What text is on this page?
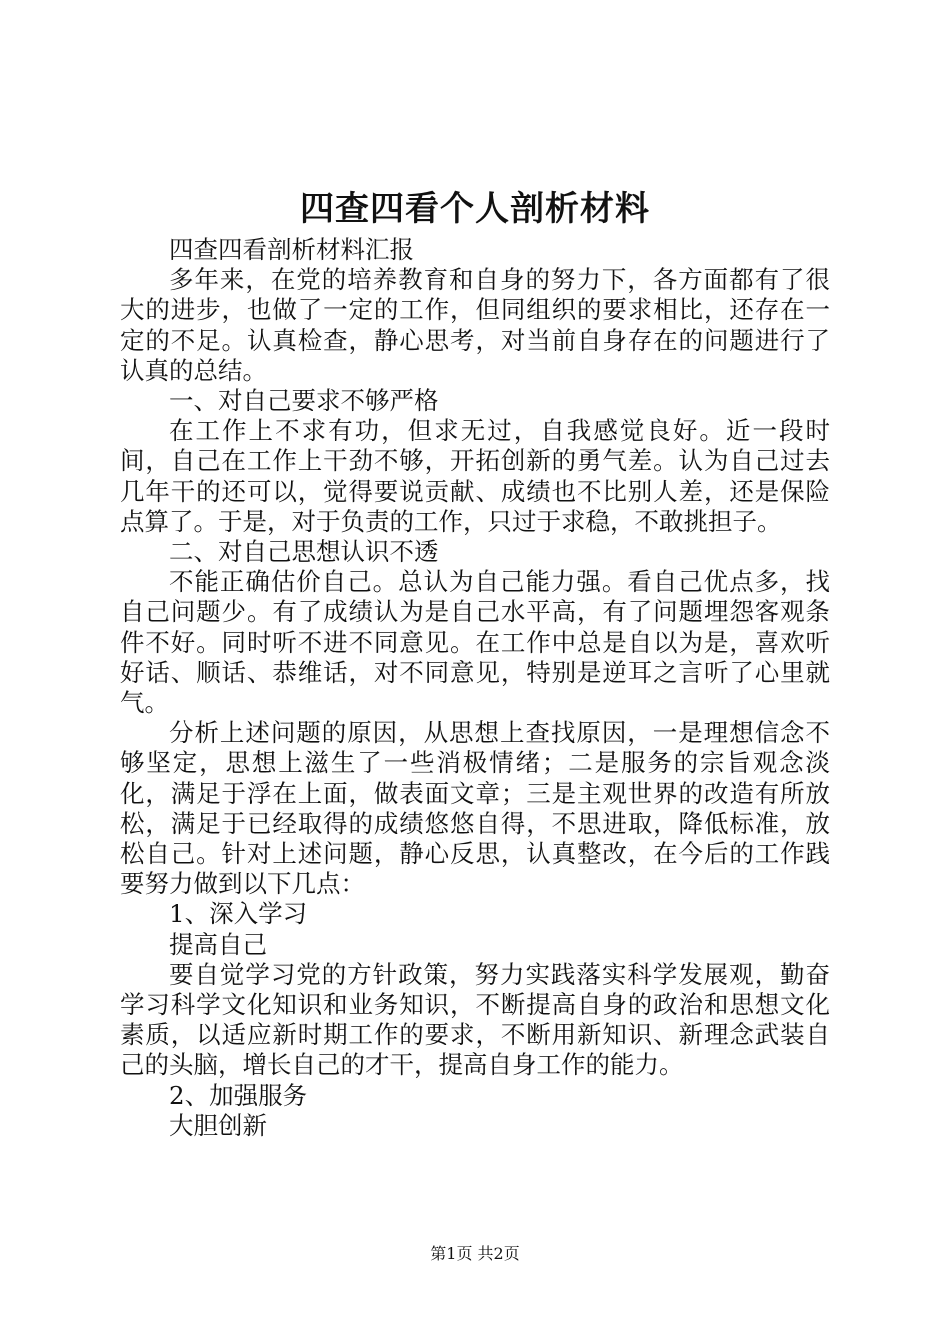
四查四看个人剖析材料

四查四看剖析材料汇报

多年来，在党的培养教育和自身的努力下，各方面都有了很大的进步，也做了一定的工作，但同组织的要求相比，还存在一定的不足。认真检查，静心思考，对当前自身存在的问题进行了认真的总结。

一、对自己要求不够严格

在工作上不求有功，但求无过，自我感觉良好。近一段时间，自己在工作上干劲不够，开拓创新的勇气差。认为自己过去几年干的还可以，觉得要说贡献、成绩也不比别人差，还是保险点算了。于是，对于负责的工作，只过于求稳，不敢挑担子。

二、对自己思想认识不透

不能正确估价自己。总认为自己能力强。看自己优点多，找自己问题少。有了成绩认为是自己水平高，有了问题埋怨客观条件不好。同时听不进不同意见。在工作中总是自以为是，喜欢听好话、顺话、恭维话，对不同意见，特别是逆耳之言听了心里就气。

分析上述问题的原因，从思想上查找原因，一是理想信念不够坚定，思想上滋生了一些消极情绪；二是服务的宗旨观念淡化，满足于浮在上面，做表面文章；三是主观世界的改造有所放松，满足于已经取得的成绩悠悠自得，不思进取，降低标准，放松自己。针对上述问题，静心反思，认真整改，在今后的工作践要努力做到以下几点：

1、深入学习

提高自己

要自觉学习党的方针政策，努力实践落实科学发展观，勤奋学习科学文化知识和业务知识，不断提高自身的政治和思想文化素质，以适应新时期工作的要求，不断用新知识、新理念武装自己的头脑，增长自己的才干，提高自身工作的能力。

2、加强服务

大胆创新

第1页 共2页
